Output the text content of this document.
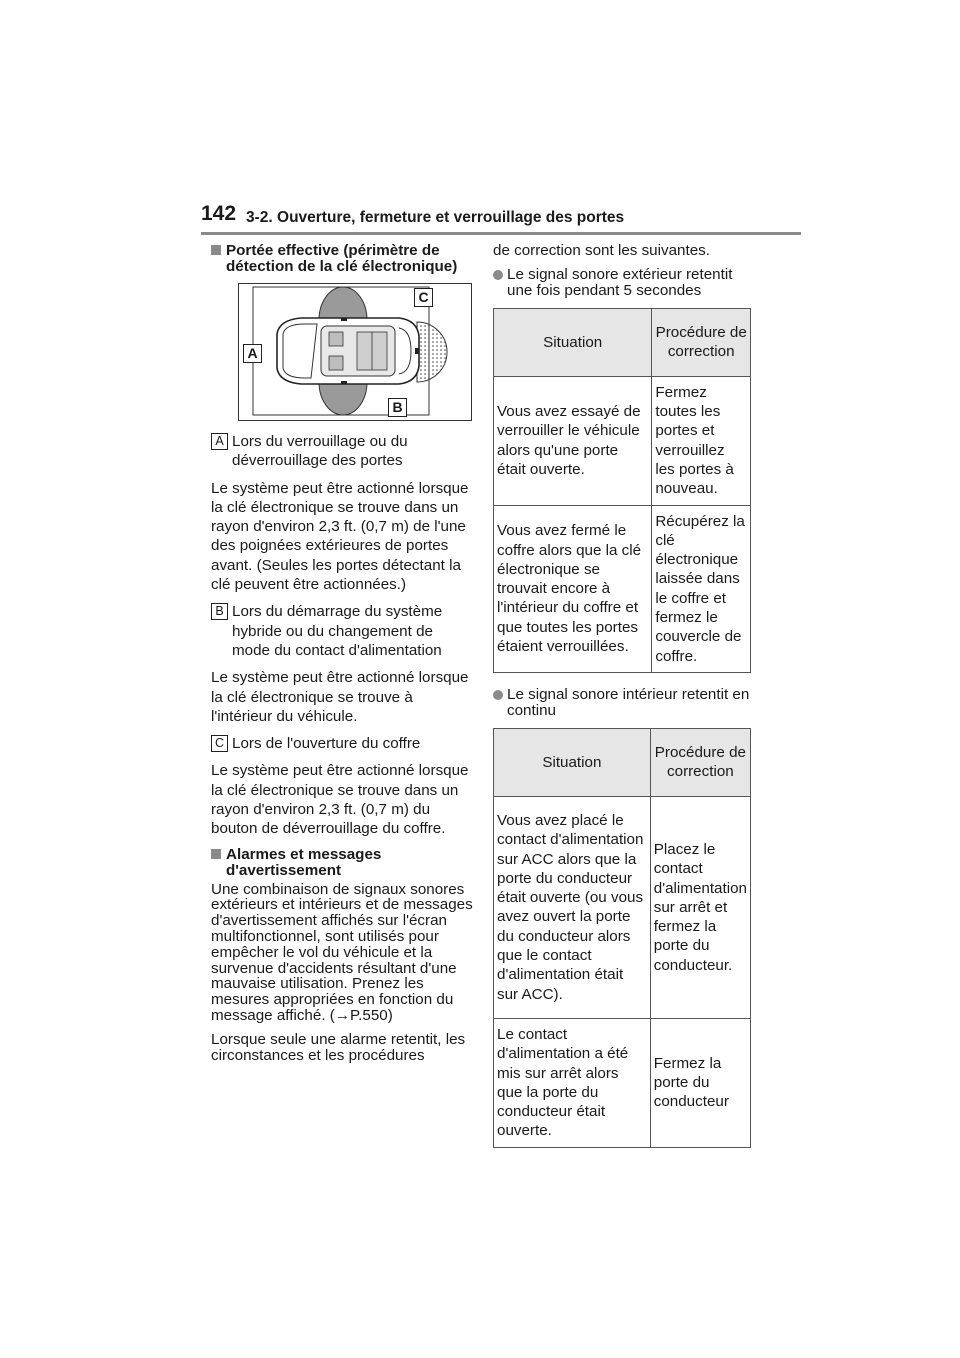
142 3-2. Ouverture, fermeture et verrouillage des portes
Portée effective (périmètre de détection de la clé électronique)
C
A
B
A Lors du verrouillage ou du déverrouillage des portes

Le système peut être actionné lorsque la clé électronique se trouve dans un rayon d'environ 2,3 ft. (0,7 m) de l'une des poignées extérieures de portes avant. (Seules les portes détectant la clé peuvent être actionnées.)

B Lors du démarrage du système hybride ou du changement de mode du contact d'alimentation

Le système peut être actionné lorsque la clé électronique se trouve à l'intérieur du véhicule.

C Lors de l'ouverture du coffre

Le système peut être actionné lorsque la clé électronique se trouve dans un rayon d'environ 2,3 ft. (0,7 m) du bouton de déverrouillage du coffre.

Alarmes et messages d'avertissement

Une combinaison de signaux sonores extérieurs et intérieurs et de messages d'avertissement affichés sur l'écran multifonctionnel, sont utilisés pour empêcher le vol du véhicule et la survenue d'accidents résultant d'une mauvaise utilisation. Prenez les mesures appropriées en fonction du message affiché. (→P.550)

Lorsque seule une alarme retentit, les circonstances et les procédures

de correction sont les suivantes.

Le signal sonore extérieur retentit une fois pendant 5 secondes
Situation	Procédure de correction
Vous avez essayé de verrouiller le véhicule alors qu'une porte était ouverte.	Fermez toutes les portes et verrouillez les portes à nouveau.
Vous avez fermé le coffre alors que la clé électronique se trouvait encore à l'intérieur du coffre et que toutes les portes étaient verrouillées.	Récupérez la clé électronique laissée dans le coffre et fermez le couvercle de coffre.
Le signal sonore intérieur retentit en continu
Situation	Procédure de correction
Vous avez placé le contact d'alimentation sur ACC alors que la porte du conducteur était ouverte (ou vous avez ouvert la porte du conducteur alors que le contact d'alimentation était sur ACC).	Placez le contact d'alimentation sur arrêt et fermez la porte du conducteur.
Le contact d'alimentation a été mis sur arrêt alors que la porte du conducteur était ouverte.	Fermez la porte du conducteur
